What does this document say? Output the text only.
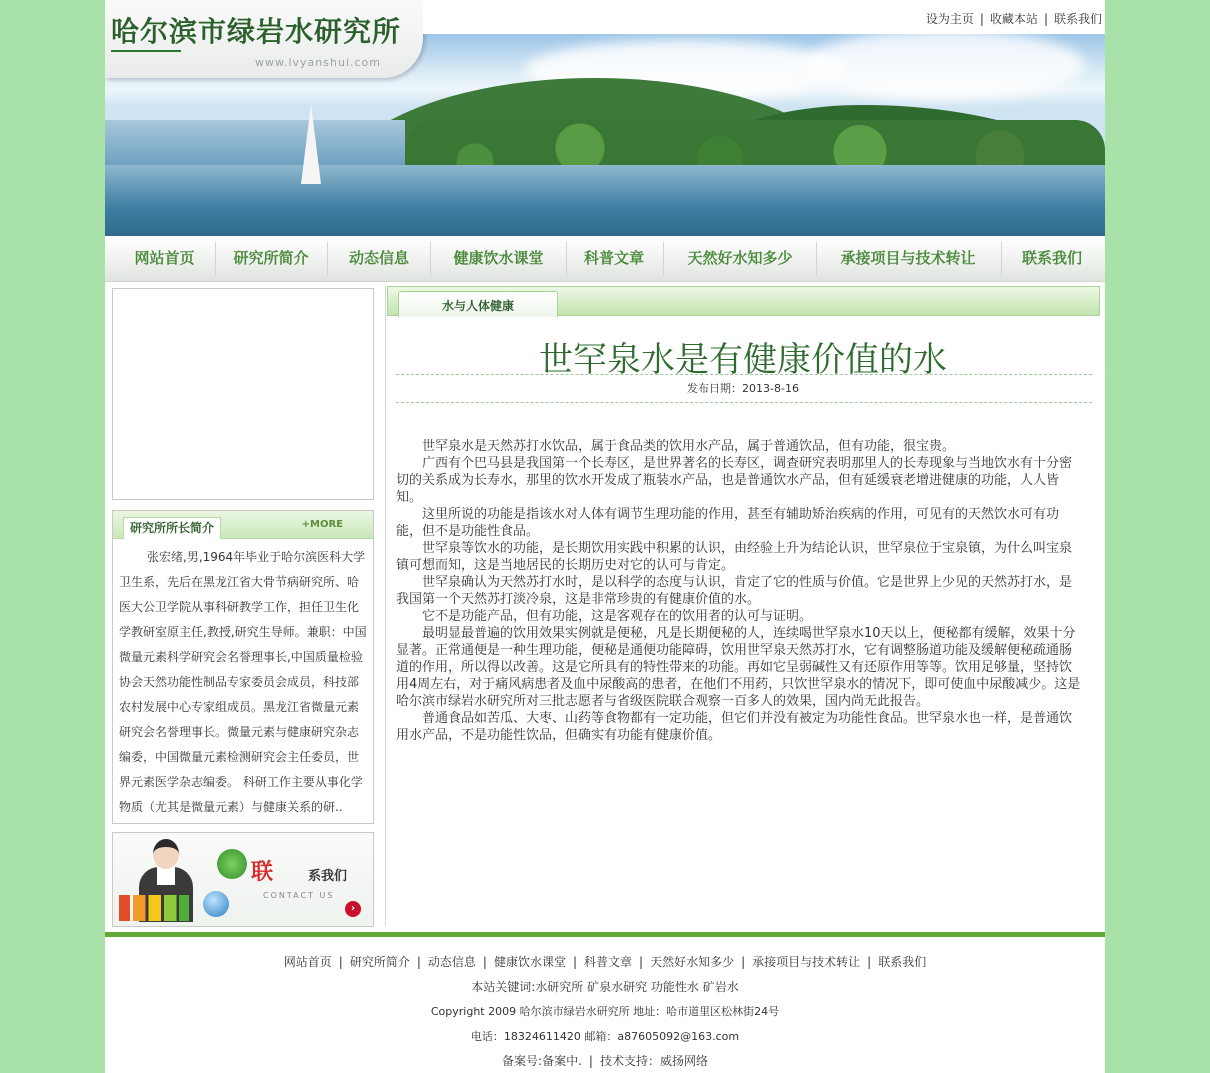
哈尔滨市绿岩水研究所
www.lvyanshui.com
设为主页 | 收藏本站 | 联系我们
网站首页	研究所简介	动态信息	健康饮水课堂	科普文章	天然好水知多少	承接项目与技术转让	联系我们
研究所所长简介	+MORE
张宏绪,男,1964年毕业于哈尔滨医科大学卫生系，先后在黑龙江省大骨节病研究所、哈医大公卫学院从事科研教学工作，担任卫生化学教研室原主任,教授,研究生导师。兼职：中国微量元素科学研究会名誉理事长,中国质量检验协会天然功能性制品专家委员会成员，科技部农村发展中心专家组成员。黑龙江省微量元素研究会名誉理事长。微量元素与健康研究杂志编委，中国微量元素检测研究会主任委员，世界元素医学杂志编委。 科研工作主要从事化学物质（尤其是微量元素）与健康关系的研..
联	系我们
CONTACT US
›
水与人体健康
世罕泉水是有健康价值的水
发布日期：2013-8-16

世罕泉水是天然苏打水饮品，属于食品类的饮用水产品，属于普通饮品，但有功能，很宝贵。

广西有个巴马县是我国第一个长寿区，是世界著名的长寿区，调查研究表明那里人的长寿现象与当地饮水有十分密切的关系成为长寿水，那里的饮水开发成了瓶装水产品，也是普通饮水产品，但有延缓衰老增进健康的功能，人人皆知。

这里所说的功能是指该水对人体有调节生理功能的作用，甚至有辅助矫治疾病的作用，可见有的天然饮水可有功能，但不是功能性食品。

世罕泉等饮水的功能，是长期饮用实践中积累的认识，由经验上升为结论认识，世罕泉位于宝泉镇，为什么叫宝泉镇可想而知，这是当地居民的长期历史对它的认可与肯定。

世罕泉确认为天然苏打水时，是以科学的态度与认识，肯定了它的性质与价值。它是世界上少见的天然苏打水，是我国第一个天然苏打淡冷泉，这是非常珍贵的有健康价值的水。

它不是功能产品，但有功能，这是客观存在的饮用者的认可与证明。

最明显最普遍的饮用效果实例就是便秘，凡是长期便秘的人，连续喝世罕泉水10天以上，便秘都有缓解，效果十分显著。正常通便是一种生理功能，便秘是通便功能障碍，饮用世罕泉天然苏打水，它有调整肠道功能及缓解便秘疏通肠道的作用，所以得以改善。这是它所具有的特性带来的功能。再如它呈弱碱性又有还原作用等等。饮用足够量，坚持饮用4周左右，对于痛风病患者及血中尿酸高的患者，在他们不用药，只饮世罕泉水的情况下，即可使血中尿酸减少。这是哈尔滨市绿岩水研究所对三批志愿者与省级医院联合观察一百多人的效果，国内尚无此报告。

普通食品如苦瓜、大枣、山药等食物都有一定功能，但它们并没有被定为功能性食品。世罕泉水也一样，是普通饮用水产品，不是功能性饮品，但确实有功能有健康价值。

网站首页 | 研究所简介 | 动态信息 | 健康饮水课堂 | 科普文章 | 天然好水知多少 | 承接项目与技术转让 | 联系我们
本站关键词:水研究所 矿泉水研究 功能性水 矿岩水
Copyright 2009 哈尔滨市绿岩水研究所 地址：哈市道里区松林街24号
电话：18324611420 邮箱：a87605092@163.com
备案号:备案中. | 技术支持：威扬网络
